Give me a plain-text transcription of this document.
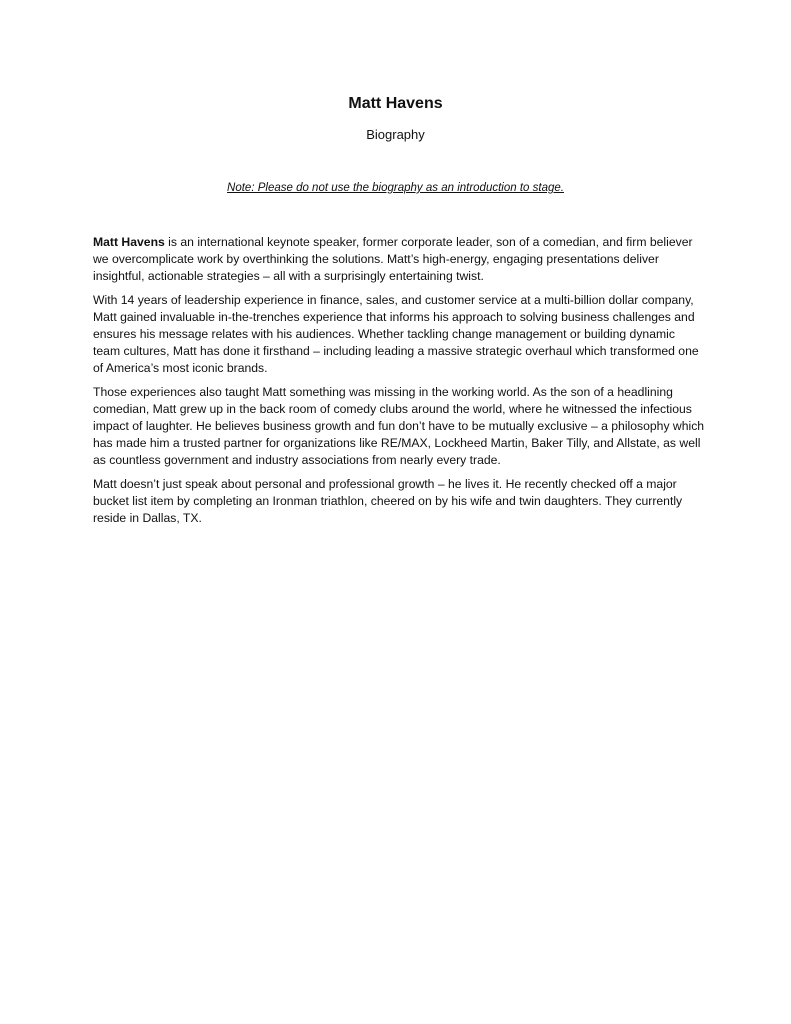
Matt Havens
Biography
Note: Please do not use the biography as an introduction to stage.

Matt Havens is an international keynote speaker, former corporate leader, son of a comedian, and firm believer we overcomplicate work by overthinking the solutions. Matt’s high-energy, engaging presentations deliver insightful, actionable strategies – all with a surprisingly entertaining twist.

With 14 years of leadership experience in finance, sales, and customer service at a multi-billion dollar company, Matt gained invaluable in-the-trenches experience that informs his approach to solving business challenges and ensures his message relates with his audiences. Whether tackling change management or building dynamic team cultures, Matt has done it firsthand – including leading a massive strategic overhaul which transformed one of America’s most iconic brands.

Those experiences also taught Matt something was missing in the working world. As the son of a headlining comedian, Matt grew up in the back room of comedy clubs around the world, where he witnessed the infectious impact of laughter. He believes business growth and fun don’t have to be mutually exclusive – a philosophy which has made him a trusted partner for organizations like RE/MAX, Lockheed Martin, Baker Tilly, and Allstate, as well as countless government and industry associations from nearly every trade.

Matt doesn’t just speak about personal and professional growth – he lives it. He recently checked off a major bucket list item by completing an Ironman triathlon, cheered on by his wife and twin daughters. They currently reside in Dallas, TX.
